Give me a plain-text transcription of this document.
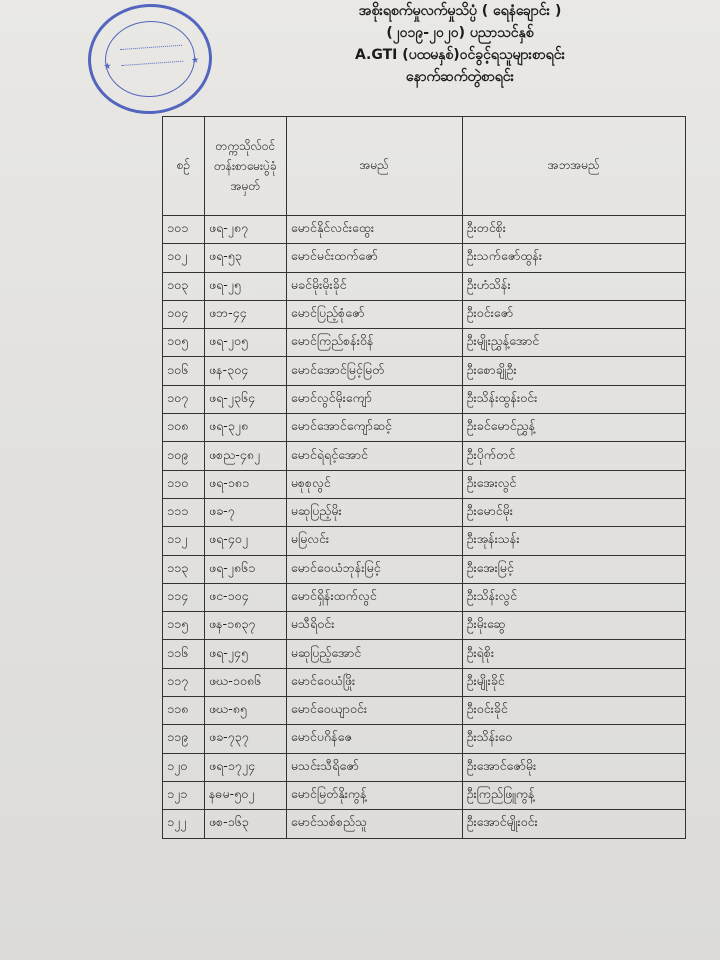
★
★
အစိုးရစက်မှုလက်မှုသိပ္ပံ ( ရေနံချောင်း )
(၂၀၁၉-၂၀၂၀) ပညာသင်နှစ်
A.GTI (ပထမနှစ်)ဝင်ခွင့်ရသူများစာရင်း
နောက်ဆက်တွဲစာရင်း
စဉ်	တက္ကသိုလ်ဝင်တန်းစာမေးပွဲခုံအမှတ်	အမည်	အဘအမည်
၁၀၁	ဖရ-၂၈၇	မောင်နိုင်လင်းထွေး	ဦးတင်စိုး
၁၀၂	ဖရ-၅၃	မောင်မင်းထက်ဇော်	ဦးသက်ဇော်ထွန်း
၁၀၃	ဖရ-၂၅	မခင်မိုးမိုးခိုင်	ဦးဟံသိန်း
၁၀၄	ဖဘ-၄၄	မောင်ပြည့်စုံဇော်	ဦးဝင်းဇော်
၁၀၅	ဖရ-၂၀၅	မောင်ကြည်စန်းဝိန်	ဦးမျိုးညွှန့်အောင်
၁၀၆	ဖန-၃၀၄	မောင်အောင်မြင့်မြတ်	ဦးစောချိုဦး
၁၀၇	ဖရ-၂၃၆၄	မောင်လွင်မိုးကျော်	ဦးသိန်းထွန်းဝင်း
၁၀၈	ဖရ-၃၂၈	မောင်အောင်ကျော်ဆင့်	ဦးခင်မောင်ညွှန့်
၁၀၉	ဖစည-၄၈၂	မောင်ရဲရင့်အောင်	ဦးပိုက်တင်
၁၁၀	ဖရ-၁၈၁	မစုစုလွင်	ဦးအေးလွင်
၁၁၁	ဖခ-၇	မဆုပြည့်မိုး	ဦးမောင်မိုး
၁၁၂	ဖရ-၄၀၂	မမြလင်း	ဦးအုန်းသန်း
၁၁၃	ဖရ-၂၈၆၁	မောင်ဝေယံဘုန်းမြင့်	ဦးအေးမြင့်
၁၁၄	ဖင-၁၀၄	မောင်ရှိန်းထက်လွင်	ဦးသိန်းလွင်
၁၁၅	ဖန-၁၈၃၇	မသီရိဝင်း	ဦးမိုးဆွေ
၁၁၆	ဖရ-၂၄၅	မဆုပြည့်အောင်	ဦးရဲစိုး
၁၁၇	ဖဃ-၁၀၈၆	မောင်ဝေယံဖြိုး	ဦးမျိုးခိုင်
၁၁၈	ဖဃ-၈၅	မောင်ဝေယျာဝင်း	ဦးဝင်းခိုင်
၁၁၉	ဖခ-၇၃၇	မောင်ပဂိန်ဇေ	ဦးသိန်းဝေ
၁၂၀	ဖရ-၁၇၂၄	မသင်းသီရိဇော်	ဦးအောင်ဇော်မိုး
၁၂၁	နဓမ-၅၀၂	မောင်မြတ်နိုးကွန့်	ဦးကြည်ဖြူကွန့်
၁၂၂	ဖစ-၁၆၃	မောင်သစ်စည်သူ	ဦးအောင်မျိုးဝင်း
